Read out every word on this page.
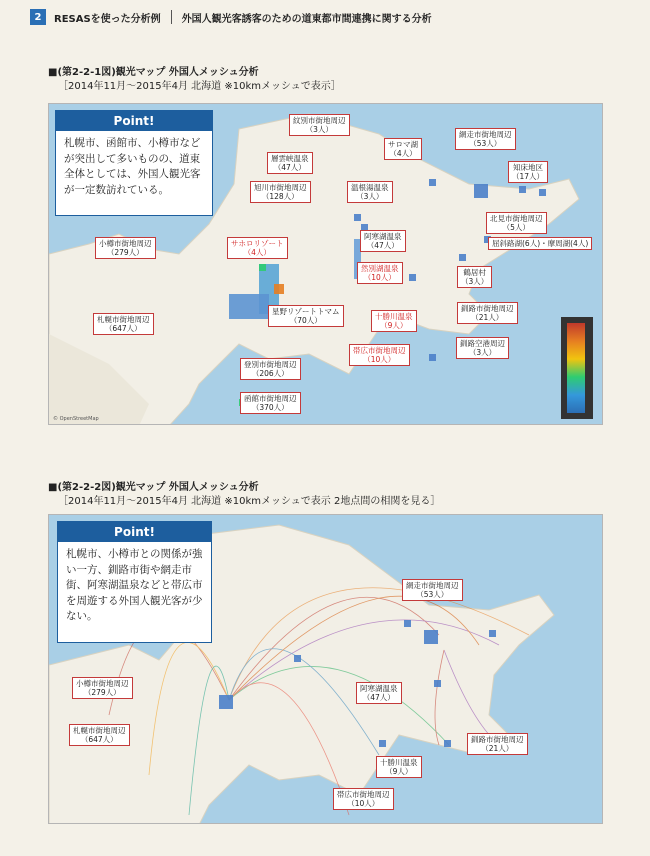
2	RESASを使った分析例 外国人観光客誘客のための道東都市間連携に関する分析
■(第2-2-1図)観光マップ 外国人メッシュ分析
［2014年11月～2015年4月 北海道 ※10kmメッシュで表示］
© OpenStreetMap
Point!
札幌市、函館市、小樽市などが突出して多いものの、道東全体としては、外国人観光客が一定数訪れている。
紋別市街地周辺
（3人）
サロマ湖
（4人）
網走市街地周辺
（53人）
知床地区
（17人）
層雲峡温泉
（47人）
旭川市街地周辺
（128人）
温根湯温泉
（3人）
北見市街地周辺
（5人）
阿寒湖温泉
（47人）	屈斜路湖(6人)・摩周湖(4人)
小樽市街地周辺
（279人）
サホロリゾート
（4人）
然別湖温泉
（10人）
鶴居村
（3人）
星野リゾートトマム
（70人）
釧路市街地周辺
（21人）
札幌市街地周辺
（647人）
十勝川温泉
（9人）
釧路空港周辺
（3人）
帯広市街地周辺
（10人）
登別市街地周辺
（206人）
函館市街地周辺
（370人）
■(第2-2-2図)観光マップ 外国人メッシュ分析
［2014年11月～2015年4月 北海道 ※10kmメッシュで表示 2地点間の相関を見る］
Point!
札幌市、小樽市との関係が強い一方、釧路市街や網走市街、阿寒湖温泉などと帯広市を周遊する外国人観光客が少ない。
網走市街地周辺
（53人）
小樽市街地周辺
（279人）	阿寒湖温泉
（47人）
札幌市街地周辺
（647人）	釧路市街地周辺
（21人）
十勝川温泉
（9人）
帯広市街地周辺
（10人）
